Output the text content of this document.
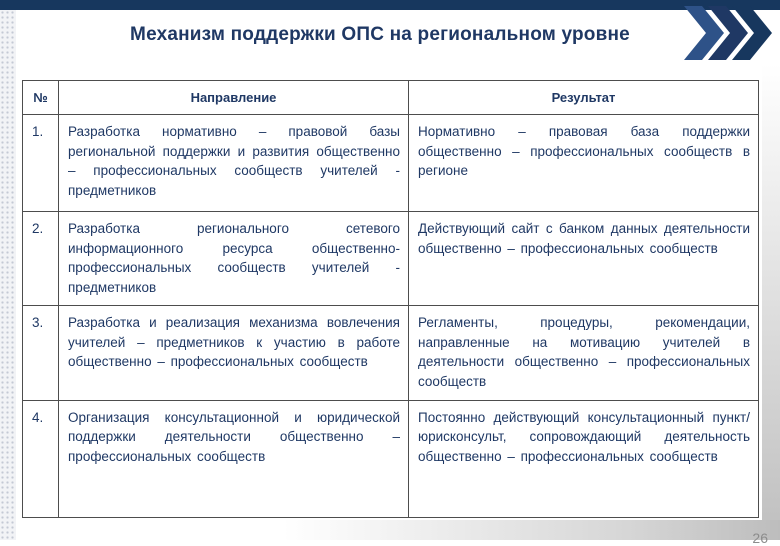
Механизм поддержки ОПС на региональном уровне
№	Направление	Результат
1.	Разработка нормативно – правовой базы региональной поддержки и развития общественно – профессиональных сообществ учителей - предметников	Нормативно – правовая база поддержки общественно – профессиональных сообществ в регионе
2.	Разработка регионального сетевого информационного ресурса общественно-профессиональных сообществ учителей - предметников	Действующий сайт с банком данных деятельности общественно – профессиональных сообществ
3.	Разработка и реализация механизма вовлечения учителей – предметников к участию в работе общественно – профессиональных сообществ	Регламенты, процедуры, рекомендации, направленные на мотивацию учителей в деятельности общественно – профессиональных сообществ
4.	Организация консультационной и юридической поддержки деятельности общественно – профессиональных сообществ	Постоянно действующий консультационный пункт/юрисконсульт, сопровождающий деятельность общественно – профессиональных сообществ
26
